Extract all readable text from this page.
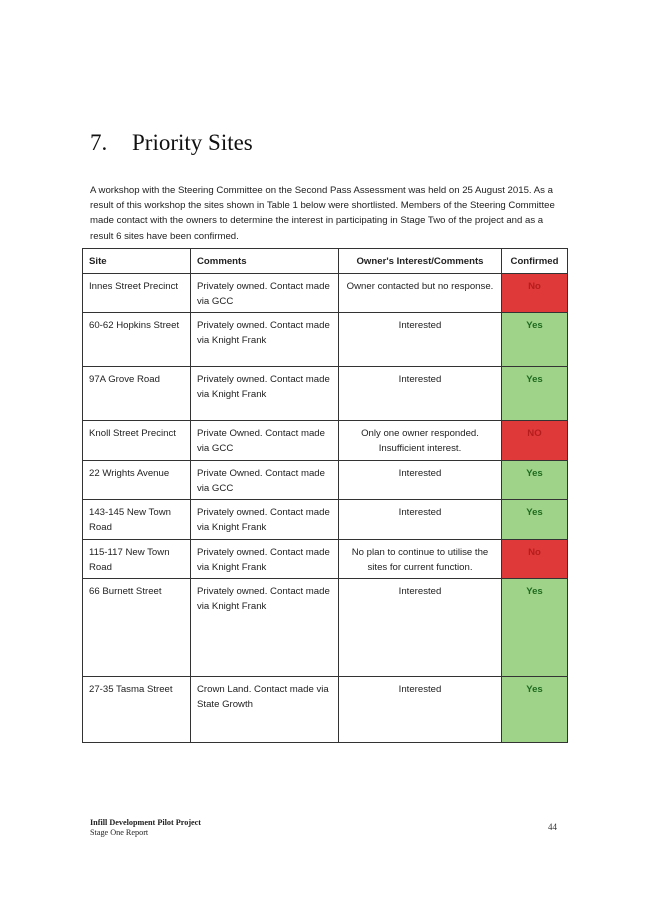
7. Priority Sites
A workshop with the Steering Committee on the Second Pass Assessment was held on 25 August 2015. As a result of this workshop the sites shown in Table 1 below were shortlisted. Members of the Steering Committee made contact with the owners to determine the interest in participating in Stage Two of the project and as a result 6 sites have been confirmed.
Site	Comments	Owner's Interest/Comments	Confirmed
Innes Street Precinct	Privately owned. Contact made via GCC	Owner contacted but no response.	No
60-62 Hopkins Street	Privately owned. Contact made via Knight Frank	Interested	Yes
97A Grove Road	Privately owned. Contact made via Knight Frank	Interested	Yes
Knoll Street Precinct	Private Owned. Contact made via GCC	Only one owner responded. Insufficient interest.	NO
22 Wrights Avenue	Private Owned. Contact made via GCC	Interested	Yes
143-145 New Town Road	Privately owned. Contact made via Knight Frank	Interested	Yes
115-117 New Town Road	Privately owned. Contact made via Knight Frank	No plan to continue to utilise the sites for current function.	No
66 Burnett Street	Privately owned. Contact made via Knight Frank	Interested	Yes
27-35 Tasma Street	Crown Land. Contact made via State Growth	Interested	Yes
Infill Development Pilot Project
Stage One Report
44
